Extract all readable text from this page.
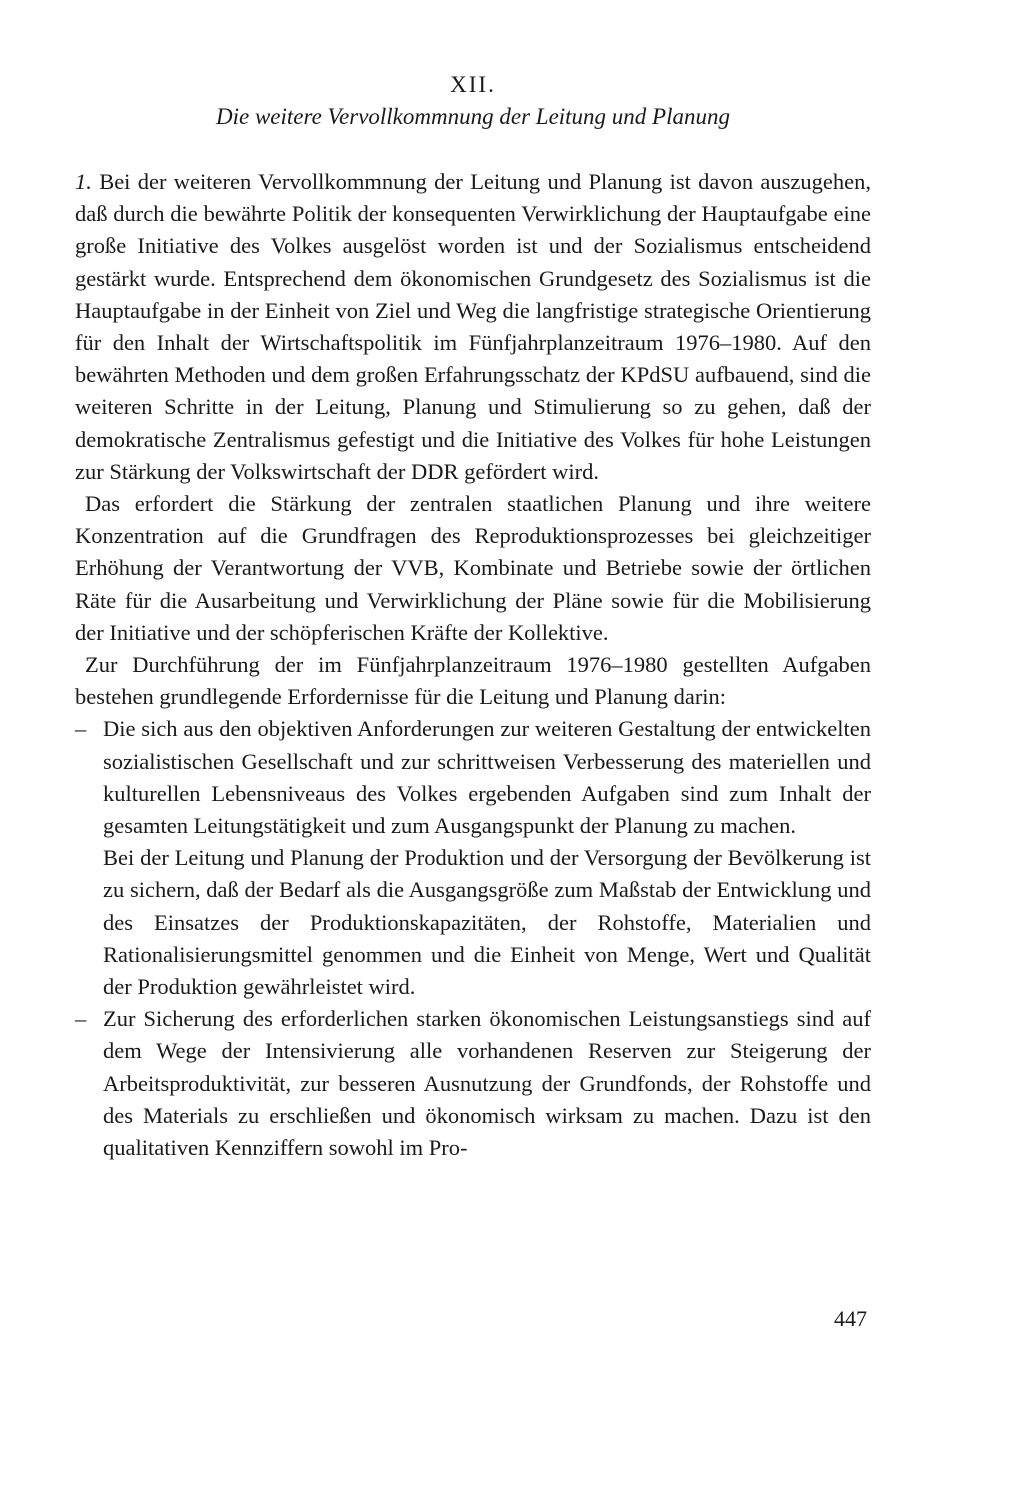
XII.
Die weitere Vervollkommnung der Leitung und Planung

1. Bei der weiteren Vervollkommnung der Leitung und Planung ist davon auszugehen, daß durch die bewährte Politik der konsequenten Verwirklichung der Hauptaufgabe eine große Initiative des Volkes ausgelöst worden ist und der Sozialismus entscheidend gestärkt wurde. Entsprechend dem ökonomischen Grundgesetz des Sozialismus ist die Hauptaufgabe in der Einheit von Ziel und Weg die langfristige strategische Orientierung für den Inhalt der Wirtschaftspolitik im Fünfjahrplanzeitraum 1976–1980. Auf den bewährten Methoden und dem großen Erfahrungsschatz der KPdSU aufbauend, sind die weiteren Schritte in der Leitung, Planung und Stimulierung so zu gehen, daß der demokratische Zentralismus gefestigt und die Initiative des Volkes für hohe Leistungen zur Stärkung der Volkswirtschaft der DDR gefördert wird.

Das erfordert die Stärkung der zentralen staatlichen Planung und ihre weitere Konzentration auf die Grundfragen des Reproduktionsprozesses bei gleichzeitiger Erhöhung der Verantwortung der VVB, Kombinate und Betriebe sowie der örtlichen Räte für die Ausarbeitung und Verwirklichung der Pläne sowie für die Mobilisierung der Initiative und der schöpferischen Kräfte der Kollektive.

Zur Durchführung der im Fünfjahrplanzeitraum 1976–1980 gestellten Aufgaben bestehen grundlegende Erfordernisse für die Leitung und Planung darin:

– Die sich aus den objektiven Anforderungen zur weiteren Gestaltung der entwickelten sozialistischen Gesellschaft und zur schrittweisen Verbesserung des materiellen und kulturellen Lebensniveaus des Volkes ergebenden Aufgaben sind zum Inhalt der gesamten Leitungstätigkeit und zum Ausgangspunkt der Planung zu machen.
Bei der Leitung und Planung der Produktion und der Versorgung der Bevölkerung ist zu sichern, daß der Bedarf als die Ausgangsgröße zum Maßstab der Entwicklung und des Einsatzes der Produktionskapazitäten, der Rohstoffe, Materialien und Rationalisierungsmittel genommen und die Einheit von Menge, Wert und Qualität der Produktion gewährleistet wird.
– Zur Sicherung des erforderlichen starken ökonomischen Leistungsanstiegs sind auf dem Wege der Intensivierung alle vorhandenen Reserven zur Steigerung der Arbeitsproduktivität, zur besseren Ausnutzung der Grundfonds, der Rohstoffe und des Materials zu erschließen und ökonomisch wirksam zu machen. Dazu ist den qualitativen Kennziffern sowohl im Pro-
447
